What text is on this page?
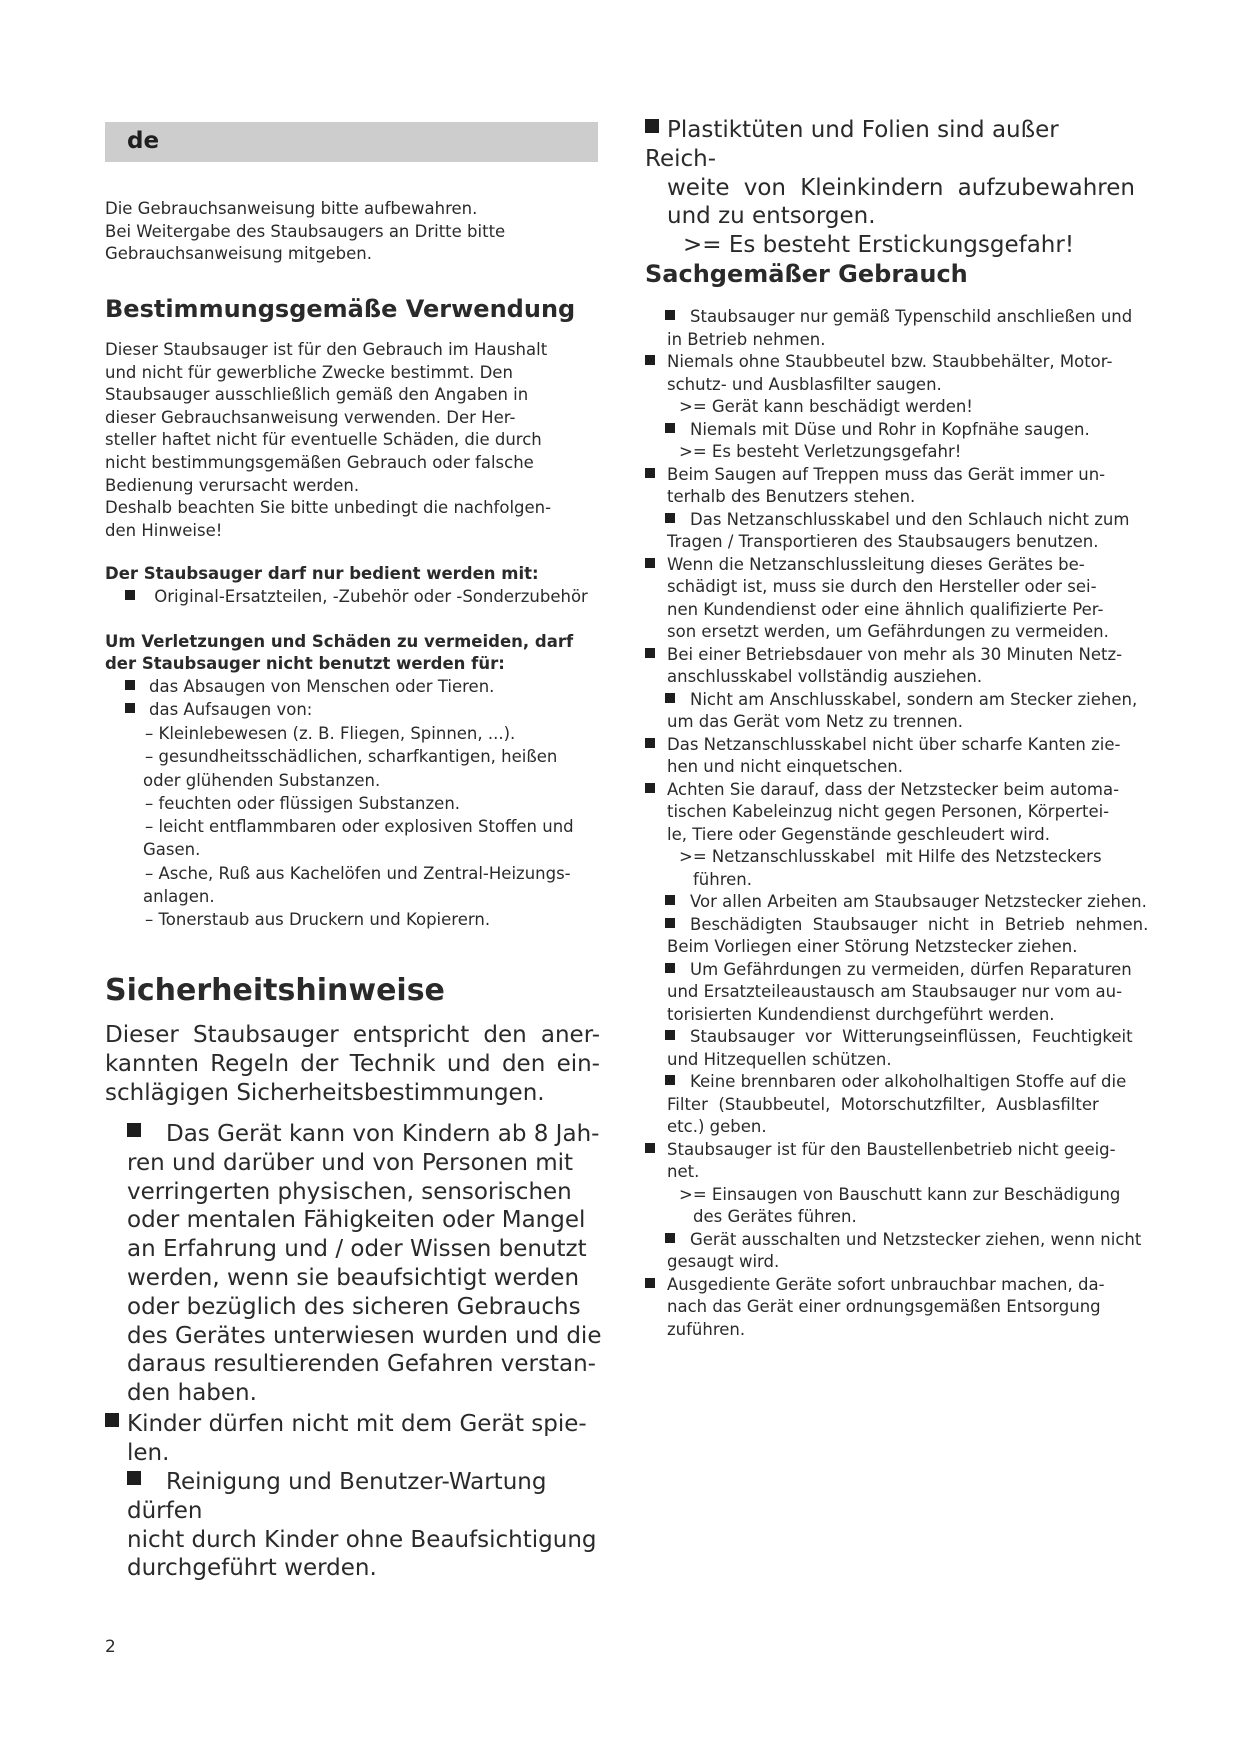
de
Die Gebrauchsanweisung bitte aufbewahren.
Bei Weitergabe des Staubsaugers an Dritte bitte
Gebrauchsanweisung mitgeben.
Bestimmungsgemäße Verwendung
Dieser Staubsauger ist für den Gebrauch im Haushalt
und nicht für gewerbliche Zwecke bestimmt. Den
Staubsauger ausschließlich gemäß den Angaben in
dieser Gebrauchsanweisung verwenden. Der Her-
steller haftet nicht für eventuelle Schäden, die durch
nicht bestimmungsgemäßen Gebrauch oder falsche
Bedienung verursacht werden.
Deshalb beachten Sie bitte unbedingt die nachfolgen-
den Hinweise!
Der Staubsauger darf nur bedient werden mit:
Original-Ersatzteilen, -Zubehör oder -Sonderzubehör
Um Verletzungen und Schäden zu vermeiden, darf
der Staubsauger nicht benutzt werden für:
das Absaugen von Menschen oder Tieren.
das Aufsaugen von:
– Kleinlebewesen (z. B. Fliegen, Spinnen, ...).
– gesundheitsschädlichen, scharfkantigen, heißen
oder glühenden Substanzen.
– feuchten oder flüssigen Substanzen.
– leicht entflammbaren oder explosiven Stoffen und
Gasen.
– Asche, Ruß aus Kachelöfen und Zentral-Heizungs-
anlagen.
– Tonerstaub aus Druckern und Kopierern.
Sicherheitshinweise
Dieser Staubsauger entspricht den aner-
kannten Regeln der Technik und den ein-
schlägigen Sicherheitsbestimmungen.
Das Gerät kann von Kindern ab 8 Jah-
ren und darüber und von Personen mit
verringerten physischen, sensorischen
oder mentalen Fähigkeiten oder Mangel
an Erfahrung und / oder Wissen benutzt
werden, wenn sie beaufsichtigt werden
oder bezüglich des sicheren Gebrauchs
des Gerätes unterwiesen wurden und die
daraus resultierenden Gefahren verstan-
den haben.
Kinder dürfen nicht mit dem Gerät spie-
len.
Reinigung und Benutzer-Wartung dürfen
nicht durch Kinder ohne Beaufsichtigung
durchgeführt werden.
2
Plastiktüten und Folien sind außer Reich-
weite von Kleinkindern aufzubewahren
und zu entsorgen.
>= Es besteht Erstickungsgefahr!
Sachgemäßer Gebrauch
Staubsauger nur gemäß Typenschild anschließen und
in Betrieb nehmen.
Niemals ohne Staubbeutel bzw. Staubbehälter, Motor-
schutz- und Ausblasfilter saugen.
>= Gerät kann beschädigt werden!
Niemals mit Düse und Rohr in Kopfnähe saugen.
>= Es besteht Verletzungsgefahr!
Beim Saugen auf Treppen muss das Gerät immer un-
terhalb des Benutzers stehen.
Das Netzanschlusskabel und den Schlauch nicht zum
Tragen / Transportieren des Staubsaugers benutzen.
Wenn die Netzanschlussleitung dieses Gerätes be-
schädigt ist, muss sie durch den Hersteller oder sei-
nen Kundendienst oder eine ähnlich qualifizierte Per-
son ersetzt werden, um Gefährdungen zu vermeiden.
Bei einer Betriebsdauer von mehr als 30 Minuten Netz-
anschlusskabel vollständig ausziehen.
Nicht am Anschlusskabel, sondern am Stecker ziehen,
um das Gerät vom Netz zu trennen.
Das Netzanschlusskabel nicht über scharfe Kanten zie-
hen und nicht einquetschen.
Achten Sie darauf, dass der Netzstecker beim automa-
tischen Kabeleinzug nicht gegen Personen, Körpertei-
le, Tiere oder Gegenstände geschleudert wird.
>= Netzanschlusskabel  mit Hilfe des Netzsteckers
führen.
Vor allen Arbeiten am Staubsauger Netzstecker ziehen.
Beschädigten  Staubsauger  nicht  in  Betrieb  nehmen.
Beim Vorliegen einer Störung Netzstecker ziehen.
Um Gefährdungen zu vermeiden, dürfen Reparaturen
und Ersatzteileaustausch am Staubsauger nur vom au-
torisierten Kundendienst durchgeführt werden.
Staubsauger  vor  Witterungseinflüssen,  Feuchtigkeit
und Hitzequellen schützen.
Keine brennbaren oder alkoholhaltigen Stoffe auf die
Filter  (Staubbeutel,  Motorschutzfilter,  Ausblasfilter
etc.) geben.
Staubsauger ist für den Baustellenbetrieb nicht geeig-
net.
>= Einsaugen von Bauschutt kann zur Beschädigung
des Gerätes führen.
Gerät ausschalten und Netzstecker ziehen, wenn nicht
gesaugt wird.
Ausgediente Geräte sofort unbrauchbar machen, da-
nach das Gerät einer ordnungsgemäßen Entsorgung
zuführen.
